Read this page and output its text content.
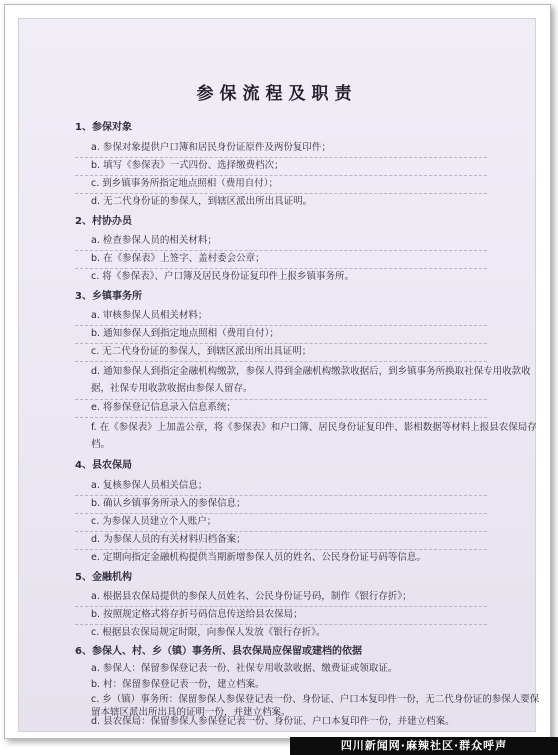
参保流程及职责
1、参保对象
a. 参保对象提供户口簿和居民身份证原件及两份复印件；
b. 填写《参保表》一式四份、选择缴费档次；
c. 到乡镇事务所指定地点照相（费用自付）；
d. 无二代身份证的参保人，到辖区派出所出具证明。
2、村协办员
a. 检查参保人员的相关材料；
b. 在《参保表》上签字、盖村委会公章；
c. 将《参保表》、户口簿及居民身份证复印件上报乡镇事务所。
3、乡镇事务所
a. 审核参保人员相关材料；
b. 通知参保人到指定地点照相（费用自付）；
c. 无二代身份证的参保人，到辖区派出所出具证明；
d. 通知参保人到指定金融机构缴款，参保人得到金融机构缴款收据后，到乡镇事务所换取社保专用收款收据，社保专用收款收据由参保人留存。
e. 将参保登记信息录入信息系统；
f. 在《参保表》上加盖公章，将《参保表》和户口簿、居民身份证复印件、影相数据等材料上报县农保局存档。
4、县农保局
a. 复核参保人员相关信息；
b. 确认乡镇事务所录入的参保信息；
c. 为参保人员建立个人账户；
d. 为参保人员的有关材料归档备案；
e. 定期向指定金融机构提供当期新增参保人员的姓名、公民身份证号码等信息。
5、金融机构
a. 根据县农保局提供的参保人员姓名、公民身份证号码，制作《银行存折》；
b. 按照规定格式将存折号码信息传送给县农保局；
c. 根据县农保局规定时限，向参保人发放《银行存折》。
6、参保人、村、乡（镇）事务所、县农保局应保留或建档的依据
a. 参保人：保留参保登记表一份、社保专用收款收据、缴费证或领取证。
b. 村：保留参保登记表一份，建立档案。
c. 乡（镇）事务所：保留参保人参保登记表一份、身份证、户口本复印件一份，无二代身份证的参保人要保留本辖区派出所出具的证明一份，并建立档案。
d. 县农保局：保留参保人参保登记表一份、身份证、户口本复印件一份，并建立档案。
四川新闻网·麻辣社区·群众呼声
